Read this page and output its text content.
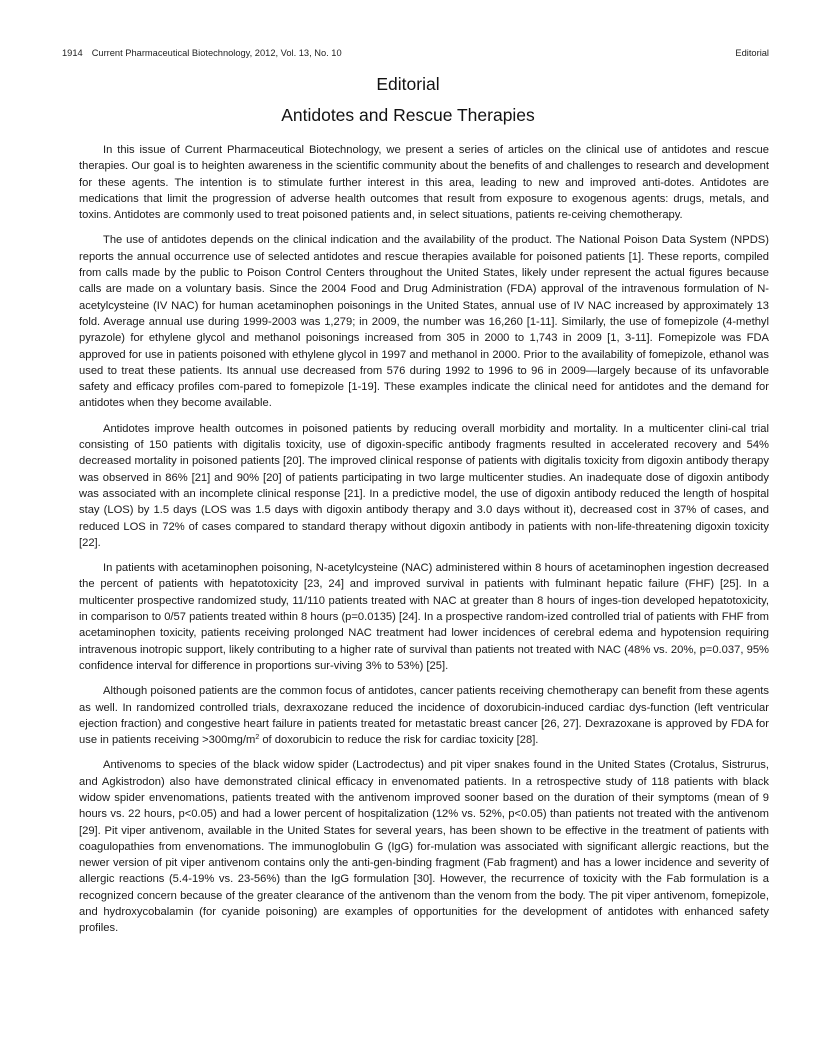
1914 Current Pharmaceutical Biotechnology, 2012, Vol. 13, No. 10	Editorial
Editorial
Antidotes and Rescue Therapies

In this issue of Current Pharmaceutical Biotechnology, we present a series of articles on the clinical use of antidotes and rescue therapies. Our goal is to heighten awareness in the scientific community about the benefits of and challenges to research and development for these agents. The intention is to stimulate further interest in this area, leading to new and improved anti-dotes. Antidotes are medications that limit the progression of adverse health outcomes that result from exposure to exogenous agents: drugs, metals, and toxins. Antidotes are commonly used to treat poisoned patients and, in select situations, patients re-ceiving chemotherapy.

The use of antidotes depends on the clinical indication and the availability of the product. The National Poison Data System (NPDS) reports the annual occurrence use of selected antidotes and rescue therapies available for poisoned patients [1]. These reports, compiled from calls made by the public to Poison Control Centers throughout the United States, likely under represent the actual figures because calls are made on a voluntary basis. Since the 2004 Food and Drug Administration (FDA) approval of the intravenous formulation of N-acetylcysteine (IV NAC) for human acetaminophen poisonings in the United States, annual use of IV NAC increased by approximately 13 fold. Average annual use during 1999-2003 was 1,279; in 2009, the number was 16,260 [1-11]. Similarly, the use of fomepizole (4-methyl pyrazole) for ethylene glycol and methanol poisonings increased from 305 in 2000 to 1,743 in 2009 [1, 3-11]. Fomepizole was FDA approved for use in patients poisoned with ethylene glycol in 1997 and methanol in 2000. Prior to the availability of fomepizole, ethanol was used to treat these patients. Its annual use decreased from 576 during 1992 to 1996 to 96 in 2009—largely because of its unfavorable safety and efficacy profiles com-pared to fomepizole [1-19]. These examples indicate the clinical need for antidotes and the demand for antidotes when they become available.

Antidotes improve health outcomes in poisoned patients by reducing overall morbidity and mortality. In a multicenter clini-cal trial consisting of 150 patients with digitalis toxicity, use of digoxin-specific antibody fragments resulted in accelerated recovery and 54% decreased mortality in poisoned patients [20]. The improved clinical response of patients with digitalis toxicity from digoxin antibody therapy was observed in 86% [21] and 90% [20] of patients participating in two large multicenter studies. An inadequate dose of digoxin antibody was associated with an incomplete clinical response [21]. In a predictive model, the use of digoxin antibody reduced the length of hospital stay (LOS) by 1.5 days (LOS was 1.5 days with digoxin antibody therapy and 3.0 days without it), decreased cost in 37% of cases, and reduced LOS in 72% of cases compared to standard therapy without digoxin antibody in patients with non-life-threatening digoxin toxicity [22].

In patients with acetaminophen poisoning, N-acetylcysteine (NAC) administered within 8 hours of acetaminophen ingestion decreased the percent of patients with hepatotoxicity [23, 24] and improved survival in patients with fulminant hepatic failure (FHF) [25]. In a multicenter prospective randomized study, 11/110 patients treated with NAC at greater than 8 hours of inges-tion developed hepatotoxicity, in comparison to 0/57 patients treated within 8 hours (p=0.0135) [24]. In a prospective random-ized controlled trial of patients with FHF from acetaminophen toxicity, patients receiving prolonged NAC treatment had lower incidences of cerebral edema and hypotension requiring intravenous inotropic support, likely contributing to a higher rate of survival than patients not treated with NAC (48% vs. 20%, p=0.037, 95% confidence interval for difference in proportions sur-viving 3% to 53%) [25].

Although poisoned patients are the common focus of antidotes, cancer patients receiving chemotherapy can benefit from these agents as well. In randomized controlled trials, dexraxozane reduced the incidence of doxorubicin-induced cardiac dys-function (left ventricular ejection fraction) and congestive heart failure in patients treated for metastatic breast cancer [26, 27]. Dexrazoxane is approved by FDA for use in patients receiving $>300mg/m^2$ of doxorubicin to reduce the risk for cardiac toxicity [28].

Antivenoms to species of the black widow spider (Lactrodectus) and pit viper snakes found in the United States (Crotalus, Sistrurus, and Agkistrodon) also have demonstrated clinical efficacy in envenomated patients. In a retrospective study of 118 patients with black widow spider envenomations, patients treated with the antivenom improved sooner based on the duration of their symptoms (mean of 9 hours vs. 22 hours, p<0.05) and had a lower percent of hospitalization (12% vs. 52%, p<0.05) than patients not treated with the antivenom [29]. Pit viper antivenom, available in the United States for several years, has been shown to be effective in the treatment of patients with coagulopathies from envenomations. The immunoglobulin G (IgG) for-mulation was associated with significant allergic reactions, but the newer version of pit viper antivenom contains only the anti-gen-binding fragment (Fab fragment) and has a lower incidence and severity of allergic reactions (5.4-19% vs. 23-56%) than the IgG formulation [30]. However, the recurrence of toxicity with the Fab formulation is a recognized concern because of the greater clearance of the antivenom than the venom from the body. The pit viper antivenom, fomepizole, and hydroxycobalamin (for cyanide poisoning) are examples of opportunities for the development of antidotes with enhanced safety profiles.
